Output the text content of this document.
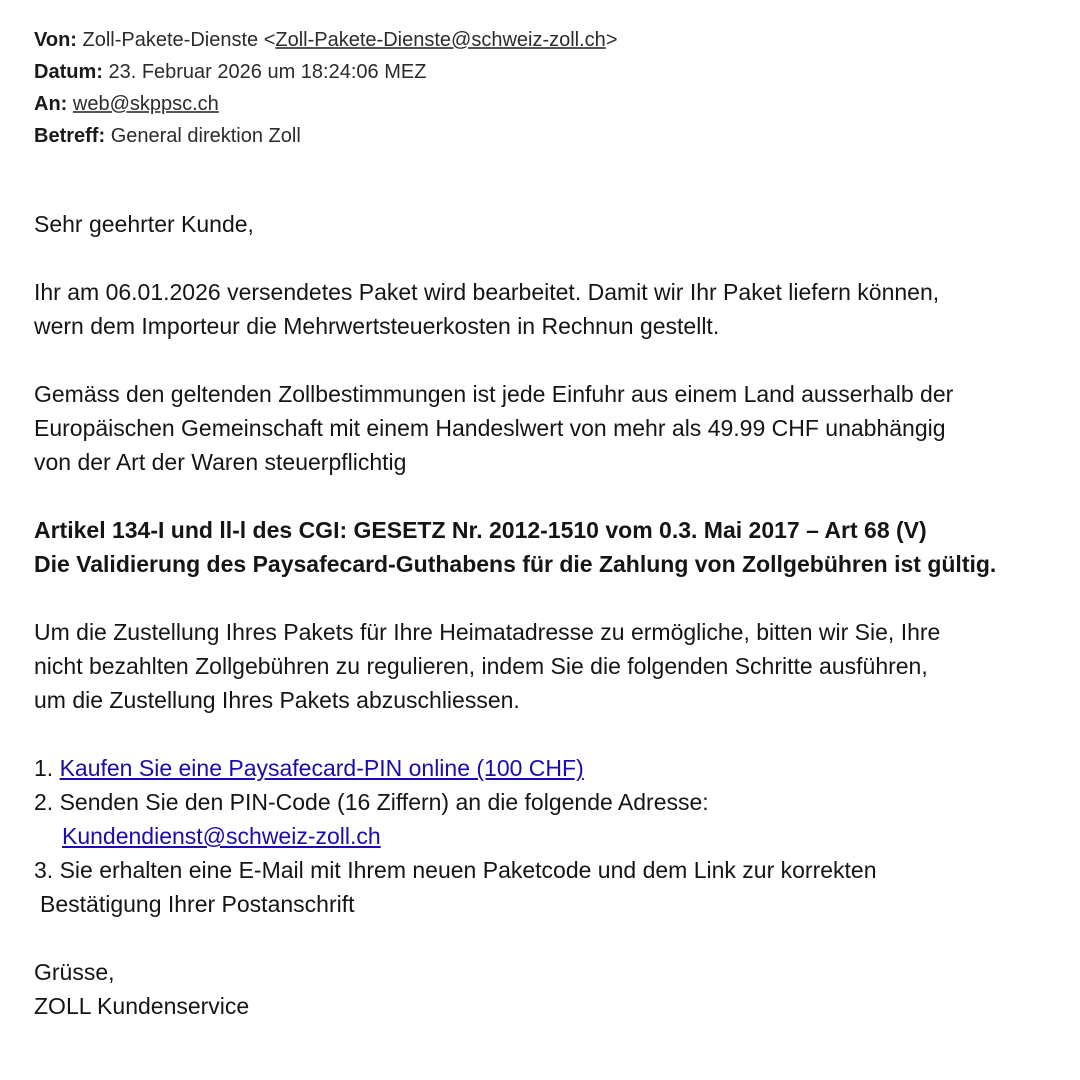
Von: Zoll-Pakete-Dienste <Zoll-Pakete-Dienste@schweiz-zoll.ch>
Datum: 23. Februar 2026 um 18:24:06 MEZ
An: web@skppsc.ch
Betreff: General direktion Zoll

Sehr geehrter Kunde,

Ihr am 06.01.2026 versendetes Paket wird bearbeitet. Damit wir Ihr Paket liefern können,
wern dem Importeur die Mehrwertsteuerkosten in Rechnun gestellt.

Gemäss den geltenden Zollbestimmungen ist jede Einfuhr aus einem Land ausserhalb der
Europäischen Gemeinschaft mit einem Handeslwert von mehr als 49.99 CHF unabhängig
von der Art der Waren steuerpflichtig

Artikel 134-I und ll-l des CGI: GESETZ Nr. 2012-1510 vom 0.3. Mai 2017 – Art 68 (V)
Die Validierung des Paysafecard-Guthabens für die Zahlung von Zollgebühren ist gültig.

Um die Zustellung Ihres Pakets für Ihre Heimatadresse zu ermögliche, bitten wir Sie, Ihre
nicht bezahlten Zollgebühren zu regulieren, indem Sie die folgenden Schritte ausführen,
um die Zustellung Ihres Pakets abzuschliessen.

1. Kaufen Sie eine Paysafecard-PIN online (100 CHF)
2. Senden Sie den PIN-Code (16 Ziffern) an die folgende Adresse:
Kundendienst@schweiz-zoll.ch
3. Sie erhalten eine E-Mail mit Ihrem neuen Paketcode und dem Link zur korrekten
Bestätigung Ihrer Postanschrift

Grüsse,
ZOLL Kundenservice
